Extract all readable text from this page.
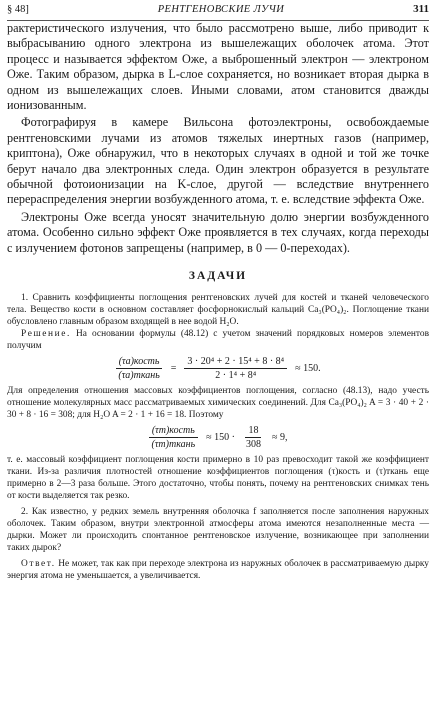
§ 48]	РЕНТГЕНОВСКИЕ ЛУЧИ	311

рактеристического излучения, что было рассмотрено выше, либо приводит к выбрасыванию одного электрона из вышележащих оболочек атома. Этот процесс и называется эффектом Оже, а выброшенный электрон — электроном Оже. Таким образом, дырка в L-слое сохраняется, но возникает вторая дырка в одном из вышележащих слоев. Иными словами, атом становится дважды ионизованным.

Фотографируя в камере Вильсона фотоэлектроны, освобождаемые рентгеновскими лучами из атомов тяжелых инертных газов (например, криптона), Оже обнаружил, что в некоторых случаях в одной и той же точке берут начало два электронных следа. Один электрон образуется в результате обычной фотоионизации на K-слое, другой — вследствие внутреннего перераспределения энергии возбужденного атома, т. е. вследствие эффекта Оже.

Электроны Оже всегда уносят значительную долю энергии возбужденного атома. Особенно сильно эффект Оже проявляется в тех случаях, когда переходы с излучением фотонов запрещены (например, в 0 — 0-переходах).

ЗАДАЧИ

1. Сравнить коэффициенты поглощения рентгеновских лучей для костей и тканей человеческого тела. Вещество кости в основном составляет фосфорнокислый кальций Ca₃(PO₄)₂. Поглощение ткани обусловлено главным образом входящей в нее водой H₂O.

Решение. На основании формулы (48.12) с учетом значений порядковых номеров элементов получим

$\frac{\text{(τa)кость}}{\text{(τa)ткань}} = \frac{\text{3 · 20⁴ + 2 · 15⁴ + 8 · 8⁴}}{\text{2 · 1⁴ + 8⁴}} \approx 150$.

Для определения отношения массовых коэффициентов поглощения, согласно (48.13), надо учесть отношение молекулярных масс рассматриваемых химических соединений. Для Ca₃(PO₄)₂ A = 3 · 40 + 2 · 30 + 8 · 16 = 308; для H₂O A = 2 · 1 + 16 = 18. Поэтому

$\frac{\text{(τm)кость}}{\text{(τm)ткань}} \approx 150 \cdot \frac{18}{308} \approx 9$,

т. е. массовый коэффициент поглощения кости примерно в 10 раз превосходит такой же коэффициент ткани. Из-за различия плотностей отношение коэффициентов поглощения (τ)кость и (τ)ткань еще примерно в 2—3 раза больше. Этого достаточно, чтобы понять, почему на рентгеновских снимках тень от кости выделяется так резко.

2. Как известно, у редких земель внутренняя оболочка f заполняется после заполнения наружных оболочек. Таким образом, внутри электронной атмосферы атома имеются незаполненные места — дырки. Может ли происходить спонтанное рентгеновское излучение, возникающее при заполнении таких дырок?

Ответ. Не может, так как при переходе электрона из наружных оболочек в рассматриваемую дырку энергия атома не уменьшается, а увеличивается.
